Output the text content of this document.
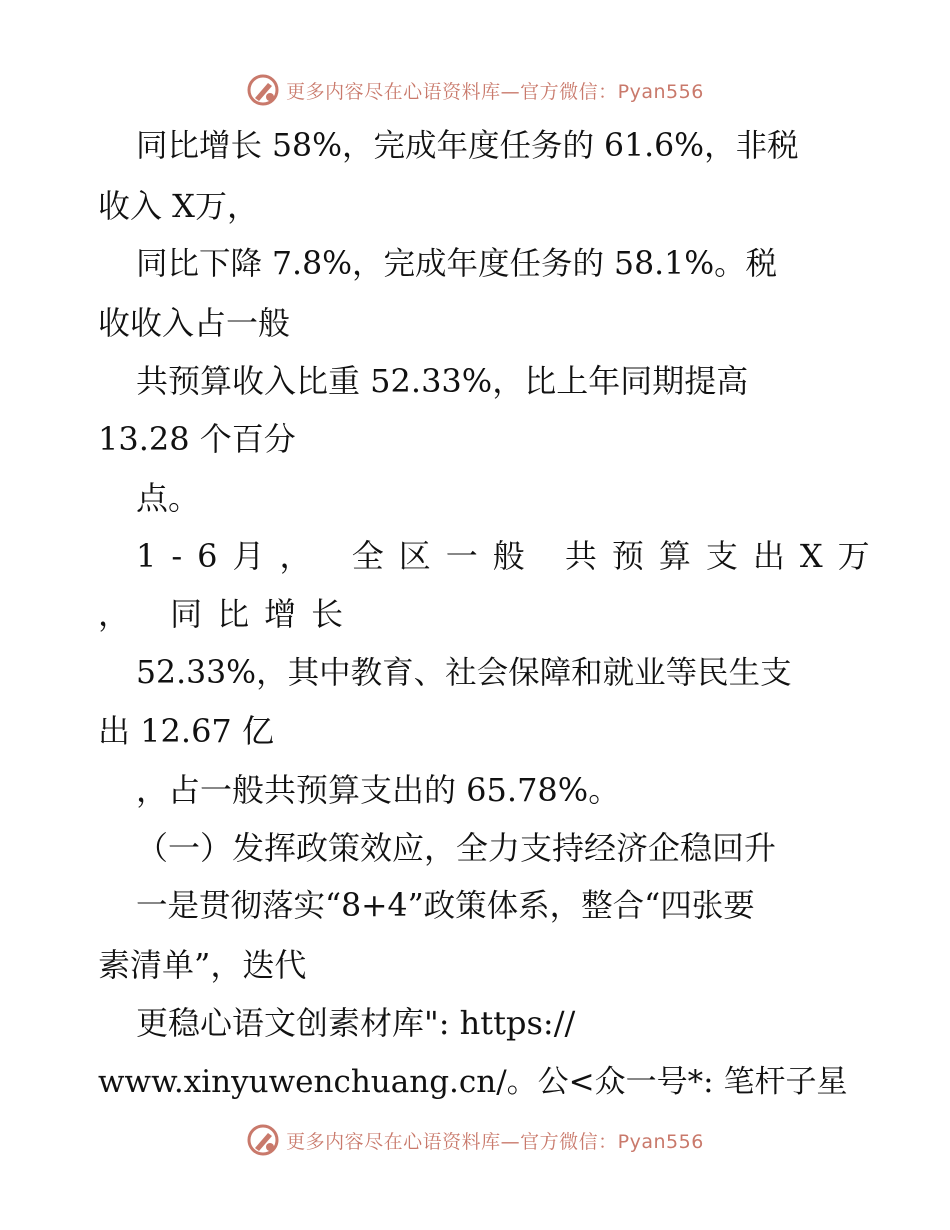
更多内容尽在心语资料库—官方微信：Pyan556
同比增长 58%，完成年度任务的 61.6%，非税
收入 X万，
同比下降 7.8%，完成年度任务的 58.1%。税
收收入占一般
共预算收入比重 52.33%，比上年同期提高
13.28 个百分
点。
1-6月， 全区一般 共预算支出X万
， 同比增长
52.33%，其中教育、社会保障和就业等民生支
出 12.67 亿
，占一般共预算支出的 65.78%。
（一）发挥政策效应，全力支持经济企稳回升
一是贯彻落实“8+4”政策体系，整合“四张要
素清单”，迭代
更稳心语文创素材库": https://
www.xinyuwenchuang.cn/。公<众一号*: 笔杆子星
更多内容尽在心语资料库—官方微信：Pyan556
